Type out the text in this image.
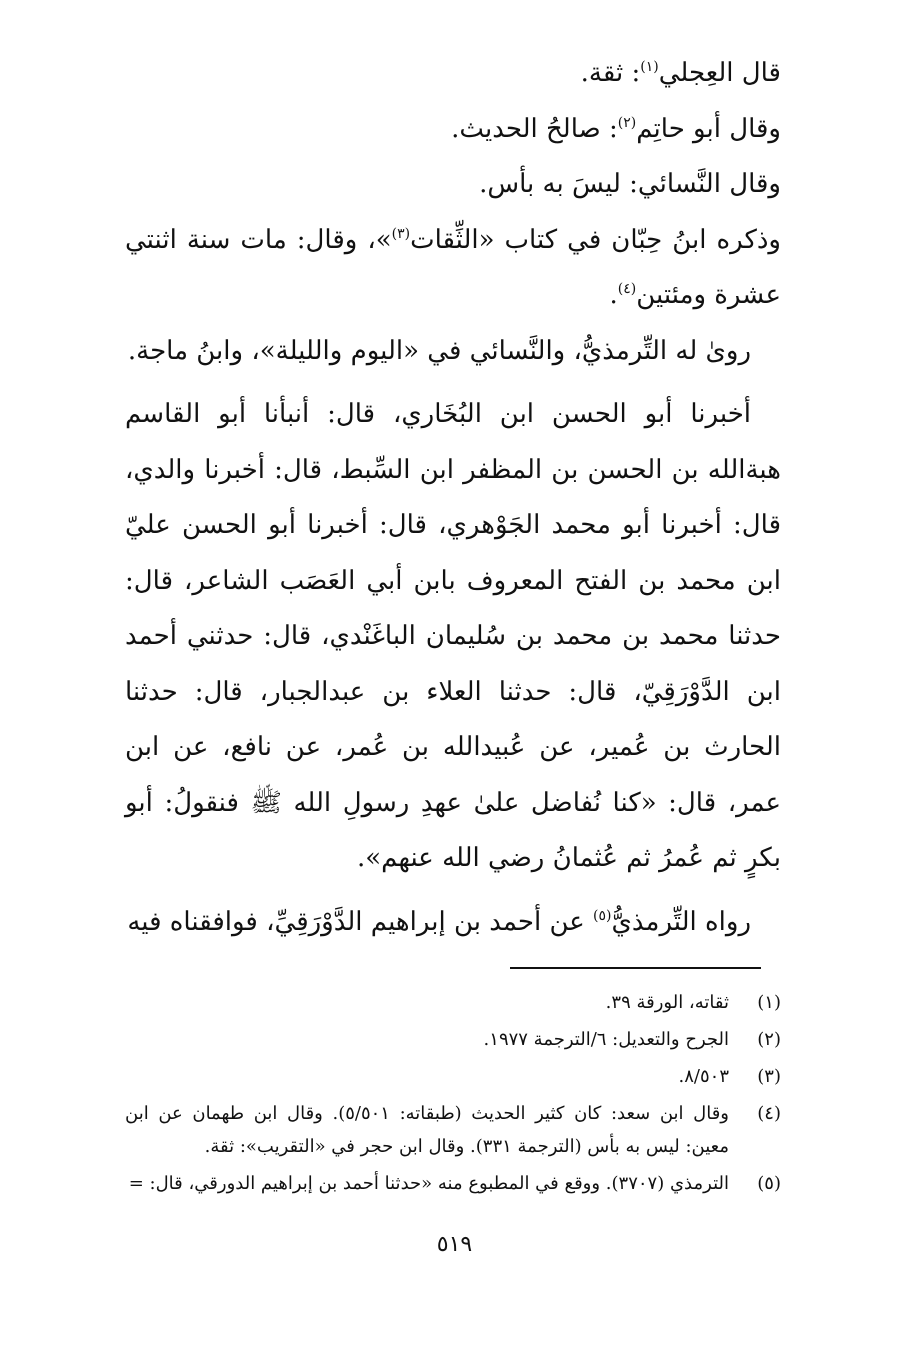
قال العِجلي$^{(١)}$: ثقة.

وقال أبو حاتِم$^{(٢)}$: صالحُ الحديث.

وقال النَّسائي: ليسَ به بأس.

وذكره ابنُ حِبّان في كتاب «الثِّقات$^{(٣)}$»، وقال: مات سنة اثنتي عشرة ومئتين$^{(٤)}$.

روىٰ له التِّرمذيُّ، والنَّسائي في «اليوم والليلة»، وابنُ ماجة.

أخبرنا أبو الحسن ابن البُخَاري، قال: أنبأنا أبو القاسم هبةالله بن الحسن بن المظفر ابن السِّبط، قال: أخبرنا والدي، قال: أخبرنا أبو محمد الجَوْهري، قال: أخبرنا أبو الحسن عليّ ابن محمد بن الفتح المعروف بابن أبي العَصَب الشاعر، قال: حدثنا محمد بن محمد بن سُليمان الباغَنْدي، قال: حدثني أحمد ابن الدَّوْرَقِيّ، قال: حدثنا العلاء بن عبدالجبار، قال: حدثنا الحارث بن عُمير، عن عُبيدالله بن عُمر، عن نافع، عن ابن عمر، قال: «كنا نُفاضل علىٰ عهدِ رسولِ الله ﷺ فنقولُ: أبو بكرٍ ثم عُمرُ ثم عُثمانُ رضي الله عنهم».

رواه التِّرمذيُّ$^{(٥)}$ عن أحمد بن إبراهيم الدَّوْرَقِيِّ، فوافقناه فيه

(١)
ثقاته، الورقة ٣٩.
(٢)
الجرح والتعديل: ٦/الترجمة ١٩٧٧.
(٣)
٨/٥٠٣.
(٤)
وقال ابن سعد: كان كثير الحديث (طبقاته: ٥/٥٠١). وقال ابن طهمان عن ابن معين: ليس به بأس (الترجمة ٣٣١). وقال ابن حجر في «التقريب»: ثقة.
(٥)
الترمذي (٣٧٠٧). ووقع في المطبوع منه «حدثنا أحمد بن إبراهيم الدورقي، قال: =
٥١٩
